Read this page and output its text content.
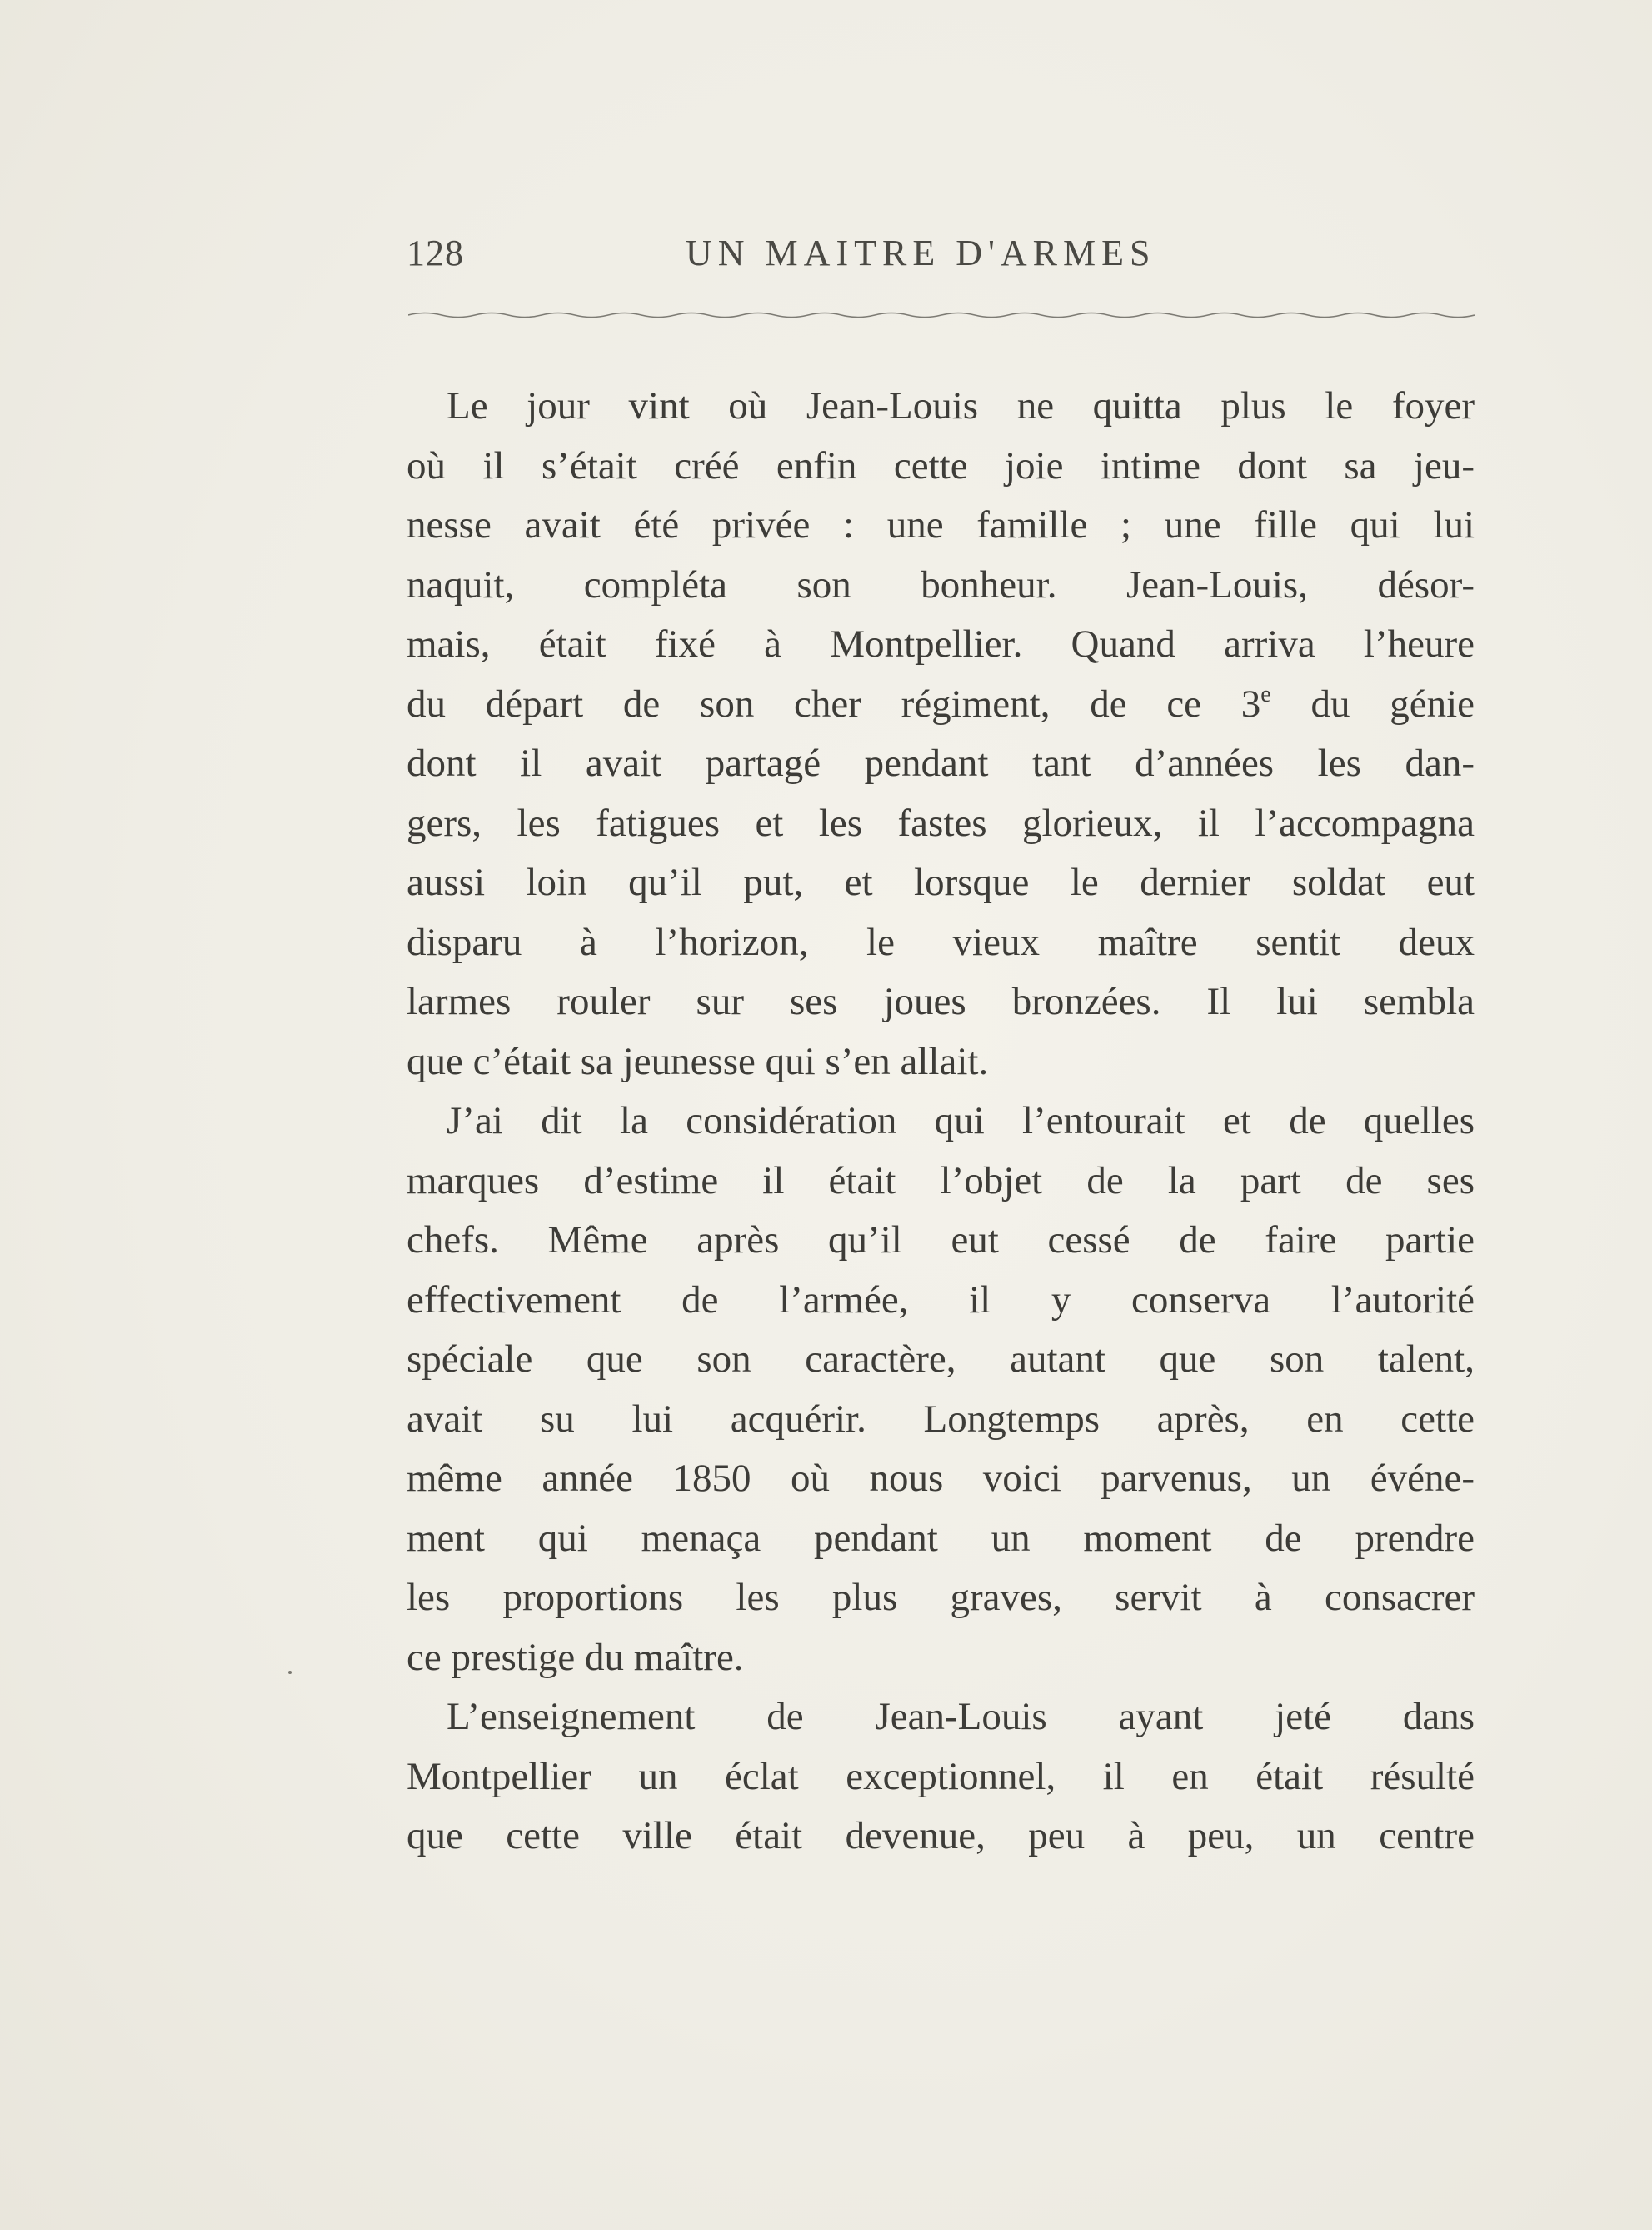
128	UN MAITRE D'ARMES
Le jour vint où Jean-Louis ne quitta plus le foyer
où il s’était créé enfin cette joie intime dont sa jeu-
nesse avait été privée : une famille ; une fille qui lui
naquit, compléta son bonheur. Jean-Louis, désor-
mais, était fixé à Montpellier. Quand arriva l’heure
du départ de son cher régiment, de ce 3e du génie
dont il avait partagé pendant tant d’années les dan-
gers, les fatigues et les fastes glorieux, il l’accompagna
aussi loin qu’il put, et lorsque le dernier soldat eut
disparu à l’horizon, le vieux maître sentit deux
larmes rouler sur ses joues bronzées. Il lui sembla
que c’était sa jeunesse qui s’en allait.
J’ai dit la considération qui l’entourait et de quelles
marques d’estime il était l’objet de la part de ses
chefs. Même après qu’il eut cessé de faire partie
effectivement de l’armée, il y conserva l’autorité
spéciale que son caractère, autant que son talent,
avait su lui acquérir. Longtemps après, en cette
même année 1850 où nous voici parvenus, un événe-
ment qui menaça pendant un moment de prendre
les proportions les plus graves, servit à consacrer
ce prestige du maître.
L’enseignement de Jean-Louis ayant jeté dans
Montpellier un éclat exceptionnel, il en était résulté
que cette ville était devenue, peu à peu, un centre
